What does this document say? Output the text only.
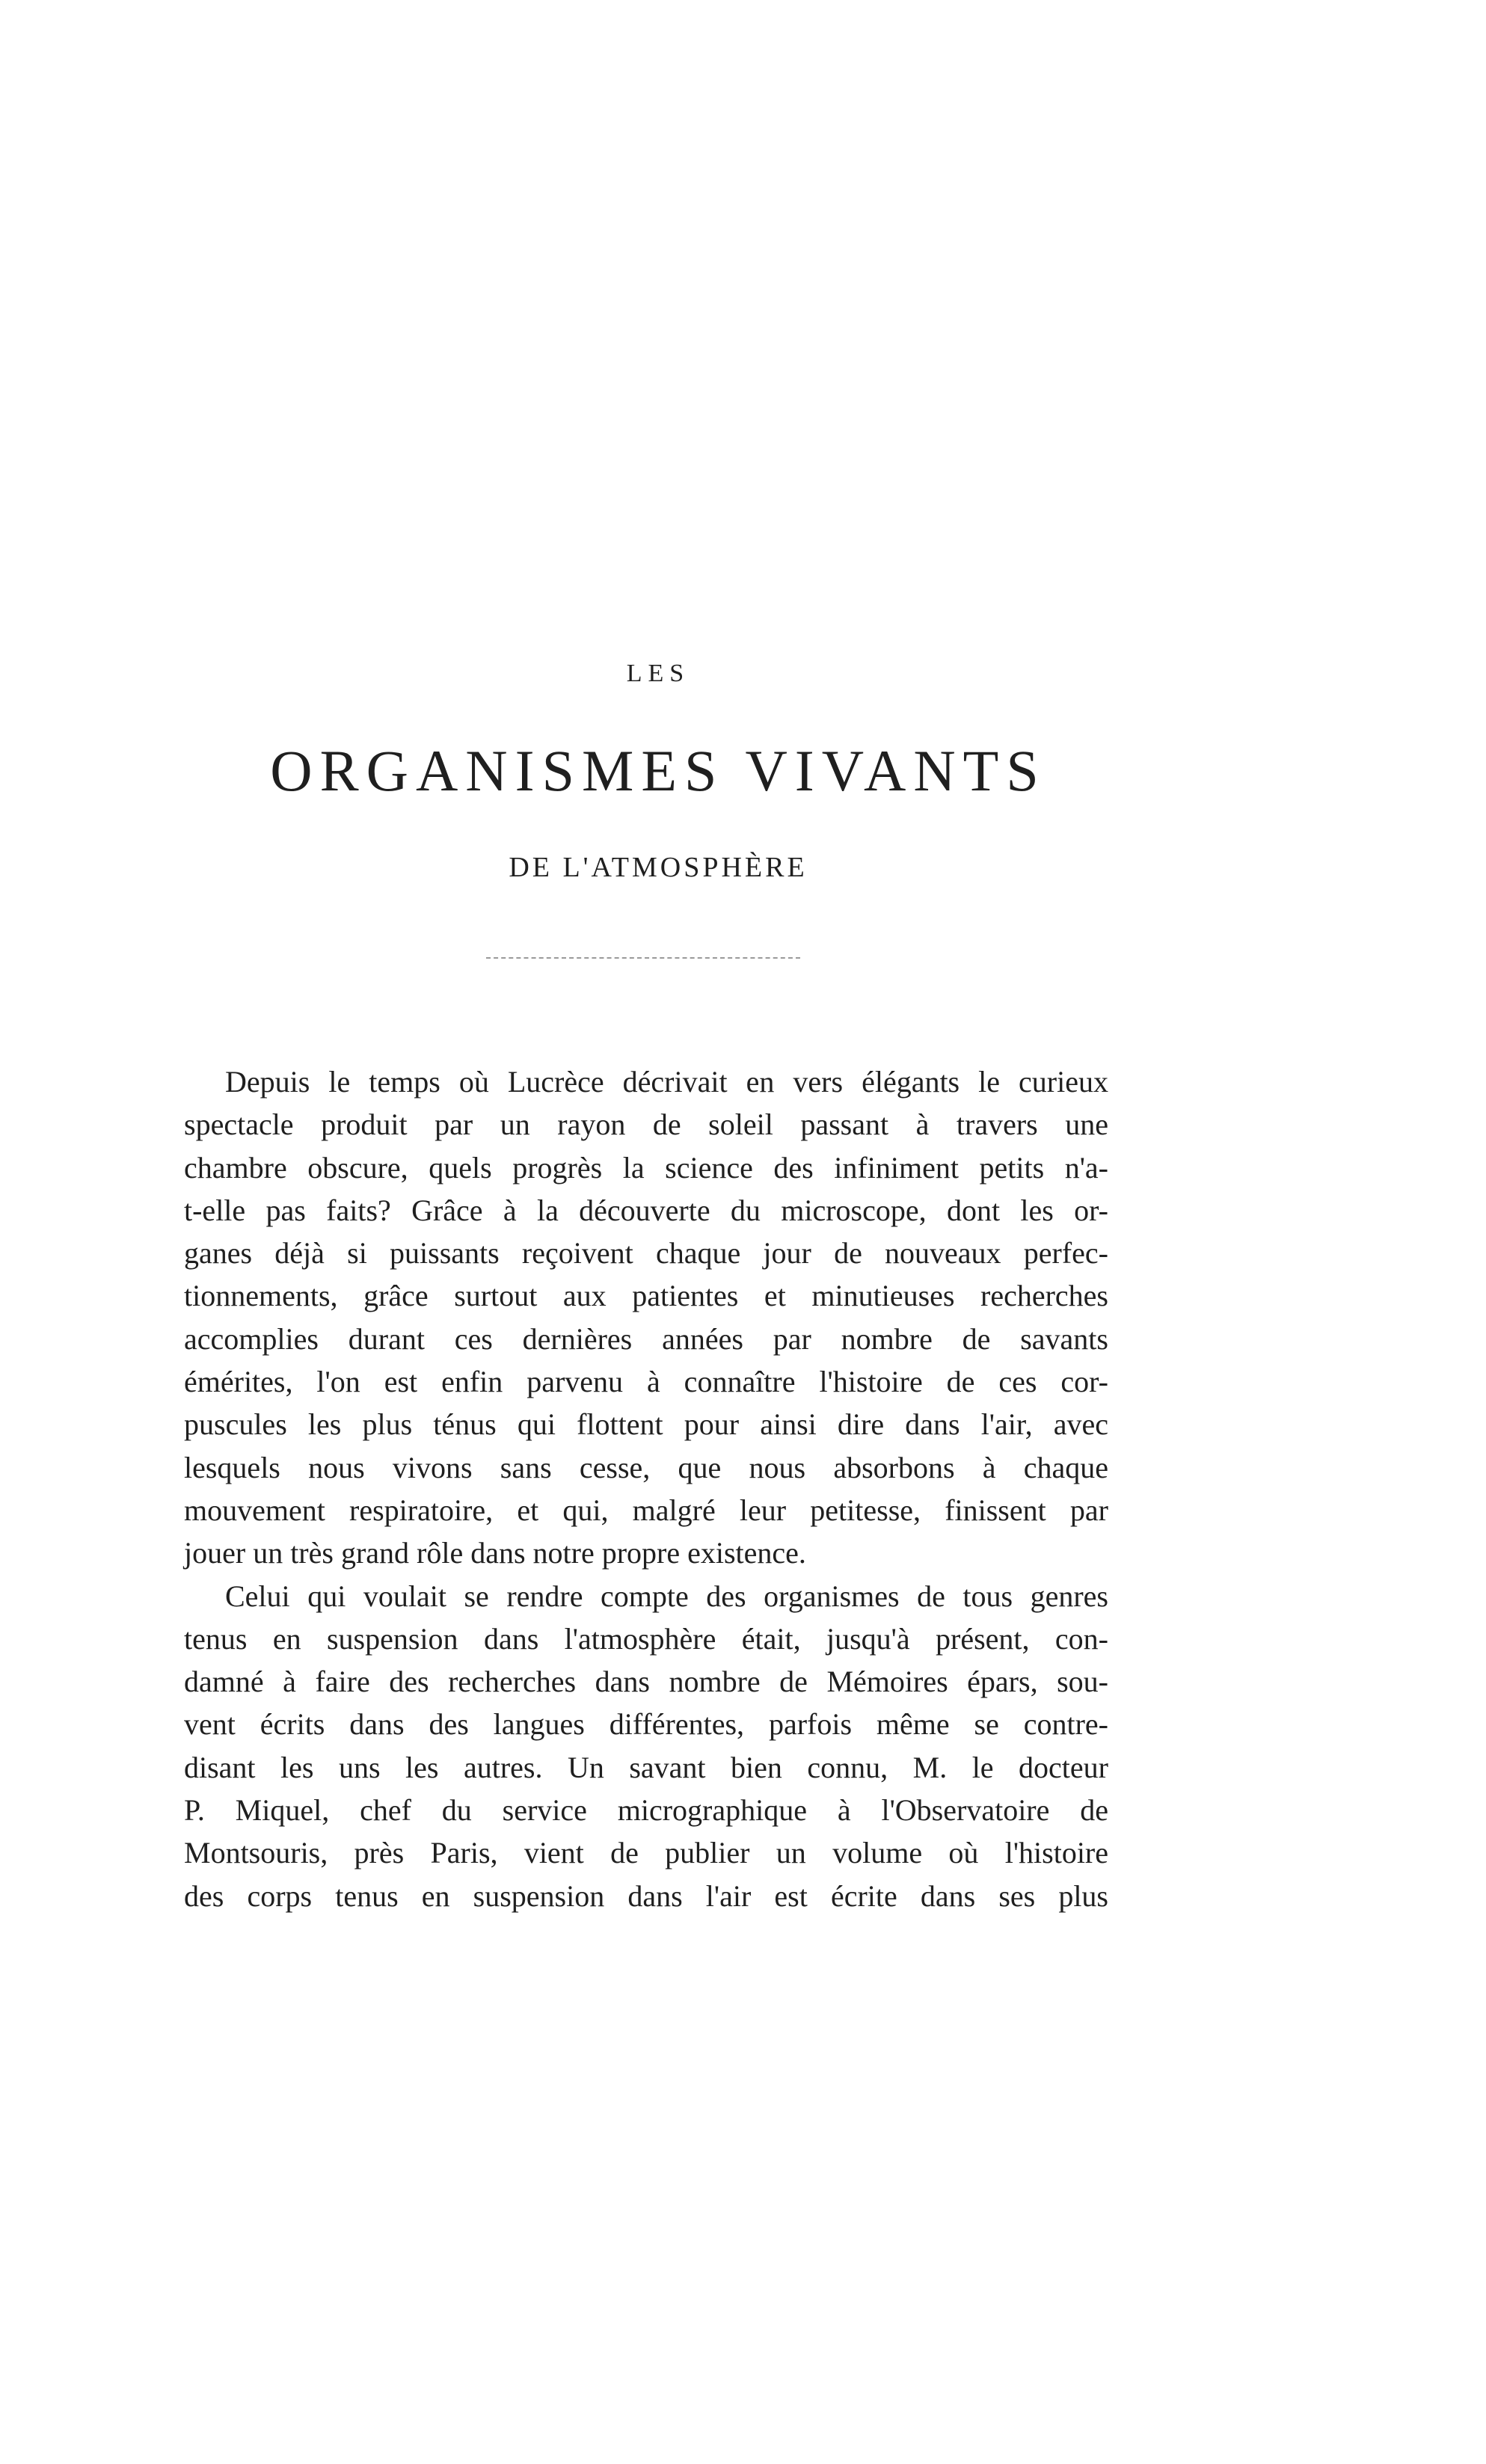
LES
ORGANISMES VIVANTS
DE L'ATMOSPHÈRE
Depuis le temps où Lucrèce décrivait en vers élégants le curieux
spectacle produit par un rayon de soleil passant à travers une
chambre obscure, quels progrès la science des infiniment petits n'a-
t-elle pas faits? Grâce à la découverte du microscope, dont les or-
ganes déjà si puissants reçoivent chaque jour de nouveaux perfec-
tionnements, grâce surtout aux patientes et minutieuses recherches
accomplies durant ces dernières années par nombre de savants
émérites, l'on est enfin parvenu à connaître l'histoire de ces cor-
puscules les plus ténus qui flottent pour ainsi dire dans l'air, avec
lesquels nous vivons sans cesse, que nous absorbons à chaque
mouvement respiratoire, et qui, malgré leur petitesse, finissent par
jouer un très grand rôle dans notre propre existence.
Celui qui voulait se rendre compte des organismes de tous genres
tenus en suspension dans l'atmosphère était, jusqu'à présent, con-
damné à faire des recherches dans nombre de Mémoires épars, sou-
vent écrits dans des langues différentes, parfois même se contre-
disant les uns les autres. Un savant bien connu, M. le docteur
P. Miquel, chef du service micrographique à l'Observatoire de
Montsouris, près Paris, vient de publier un volume où l'histoire
des corps tenus en suspension dans l'air est écrite dans ses plus
